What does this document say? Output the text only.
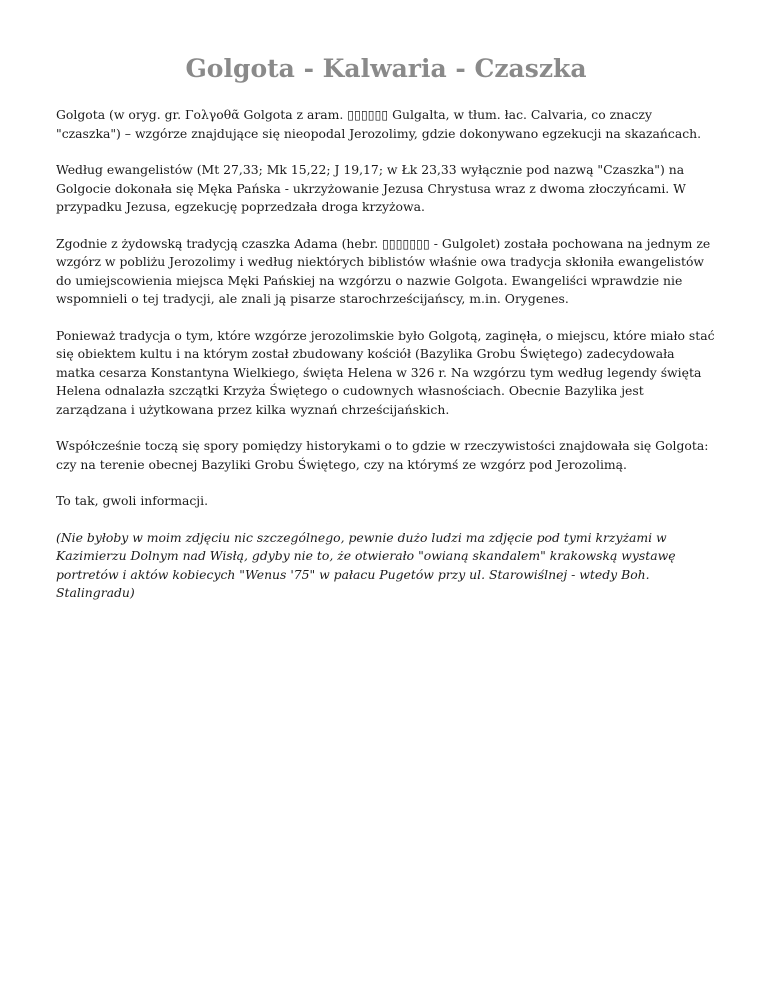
Golgota - Kalwaria - Czaszka

Golgota (w oryg. gr. Γολγοθᾶ Golgota z aram. ▯▯▯▯▯▯ Gulgalta, w tłum. łac. Calvaria, co znaczy "czaszka") – wzgórze znajdujące się nieopodal Jerozolimy, gdzie dokonywano egzekucji na skazańcach.

Według ewangelistów (Mt 27,33; Mk 15,22; J 19,17; w Łk 23,33 wyłącznie pod nazwą "Czaszka") na Golgocie dokonała się Męka Pańska - ukrzyżowanie Jezusa Chrystusa wraz z dwoma złoczyńcami. W przypadku Jezusa, egzekucję poprzedzała droga krzyżowa.

Zgodnie z żydowską tradycją czaszka Adama (hebr. ▯▯▯▯▯▯▯ - Gulgolet) została pochowana na jednym ze wzgórz w pobliżu Jerozolimy i według niektórych biblistów właśnie owa tradycja skłoniła ewangelistów do umiejscowienia miejsca Męki Pańskiej na wzgórzu o nazwie Golgota. Ewangeliści wprawdzie nie wspomnieli o tej tradycji, ale znali ją pisarze starochrześcijańscy, m.in. Orygenes.

Ponieważ tradycja o tym, które wzgórze jerozolimskie było Golgotą, zaginęła, o miejscu, które miało stać się obiektem kultu i na którym został zbudowany kościół (Bazylika Grobu Świętego) zadecydowała matka cesarza Konstantyna Wielkiego, święta Helena w 326 r. Na wzgórzu tym według legendy święta Helena odnalazła szczątki Krzyża Świętego o cudownych własnościach. Obecnie Bazylika jest zarządzana i użytkowana przez kilka wyznań chrześcijańskich.

Współcześnie toczą się spory pomiędzy historykami o to gdzie w rzeczywistości znajdowała się Golgota: czy na terenie obecnej Bazyliki Grobu Świętego, czy na którymś ze wzgórz pod Jerozolimą.

To tak, gwoli informacji.

(Nie byłoby w moim zdjęciu nic szczególnego, pewnie dużo ludzi ma zdjęcie pod tymi krzyżami w Kazimierzu Dolnym nad Wisłą, gdyby nie to, że otwierało "owianą skandalem" krakowską wystawę portretów i aktów kobiecych "Wenus '75" w pałacu Pugetów przy ul. Starowiślnej - wtedy Boh. Stalingradu)
